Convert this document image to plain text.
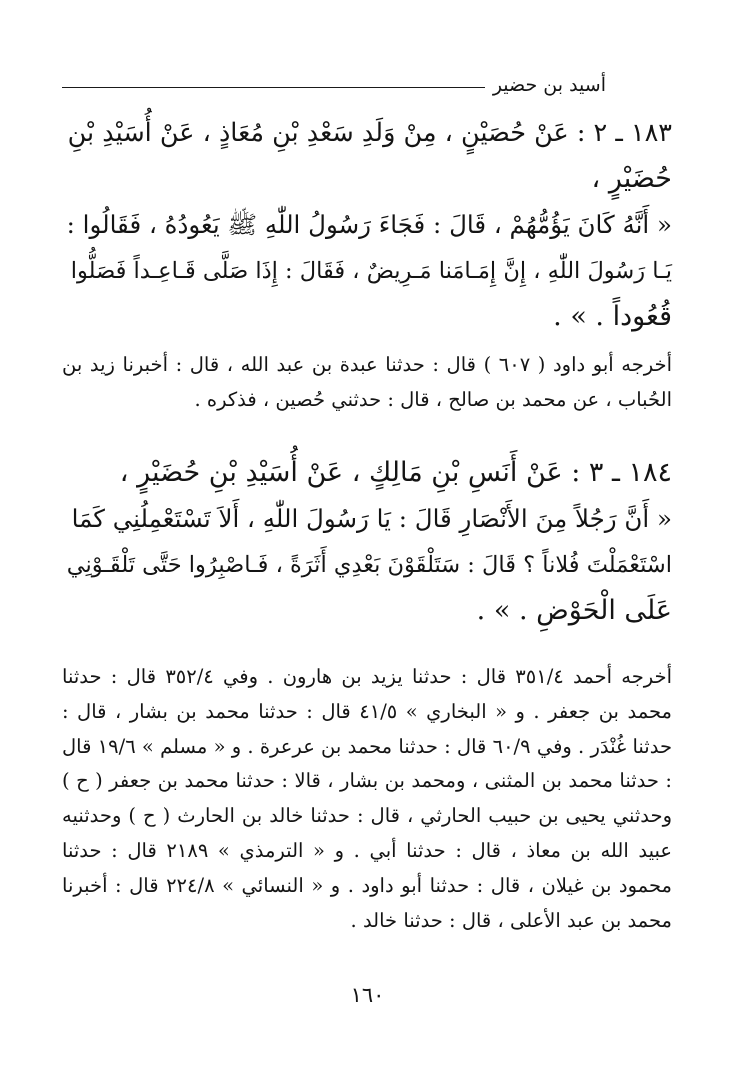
أسيد بن حضير
١٨٣ ـ ٢ : عَنْ حُصَيْنٍ ، مِنْ وَلَدِ سَعْدِ بْنِ مُعَاذٍ ، عَنْ أُسَيْدِ بْنِ
حُضَيْرٍ ،
« أَنَّهُ كَانَ يَؤُمُّهُمْ ، قَالَ : فَجَاءَ رَسُولُ اللّٰهِ ﷺ يَعُودُهُ ، فَقَالُوا :
يَـا رَسُولَ اللّٰهِ ، إِنَّ إِمَـامَنا مَـرِيضٌ ، فَقَالَ : إِذَا صَلَّى قَـاعِـداً فَصَلُّوا
قُعُوداً . » .
أخرجه أبو داود ( ٦٠٧ ) قال : حدثنا عبدة بن عبد الله ، قال : أخبرنا زيد بن الحُباب ، عن محمد بن صالح ، قال : حدثني حُصين ، فذكره .
١٨٤ ـ ٣ : عَنْ أَنَسِ بْنِ مَالِكٍ ، عَنْ أُسَيْدِ بْنِ حُضَيْرٍ ،
« أَنَّ رَجُلاً مِنَ الأَنْصَارِ قَالَ : يَا رَسُولَ اللّٰهِ ، أَلاَ تَسْتَعْمِلُنِي كَمَا
اسْتَعْمَلْتَ فُلاناً ؟ قَالَ : سَتَلْقَوْنَ بَعْدِي أَثَرَةً ، فَـاصْبِرُوا حَتَّى تَلْقَـوْنِي
عَلَى الْحَوْضِ . » .
أخرجه أحمد ٣٥١/٤ قال : حدثنا يزيد بن هارون . وفي ٣٥٢/٤ قال : حدثنا محمد بن جعفر . و « البخاري » ٤١/٥ قال : حدثنا محمد بن بشار ، قال : حدثنا غُنْدَر . وفي ٦٠/٩ قال : حدثنا محمد بن عرعرة . و « مسلم » ١٩/٦ قال : حدثنا محمد بن المثنى ، ومحمد بن بشار ، قالا : حدثنا محمد بن جعفر ( ح ) وحدثني يحيى بن حبيب الحارثي ، قال : حدثنا خالد بن الحارث ( ح ) وحدثنيه عبيد الله بن معاذ ، قال : حدثنا أبي . و « الترمذي » ٢١٨٩ قال : حدثنا محمود بن غيلان ، قال : حدثنا أبو داود . و « النسائي » ٢٢٤/٨ قال : أخبرنا محمد بن عبد الأعلى ، قال : حدثنا خالد .
١٦٠
